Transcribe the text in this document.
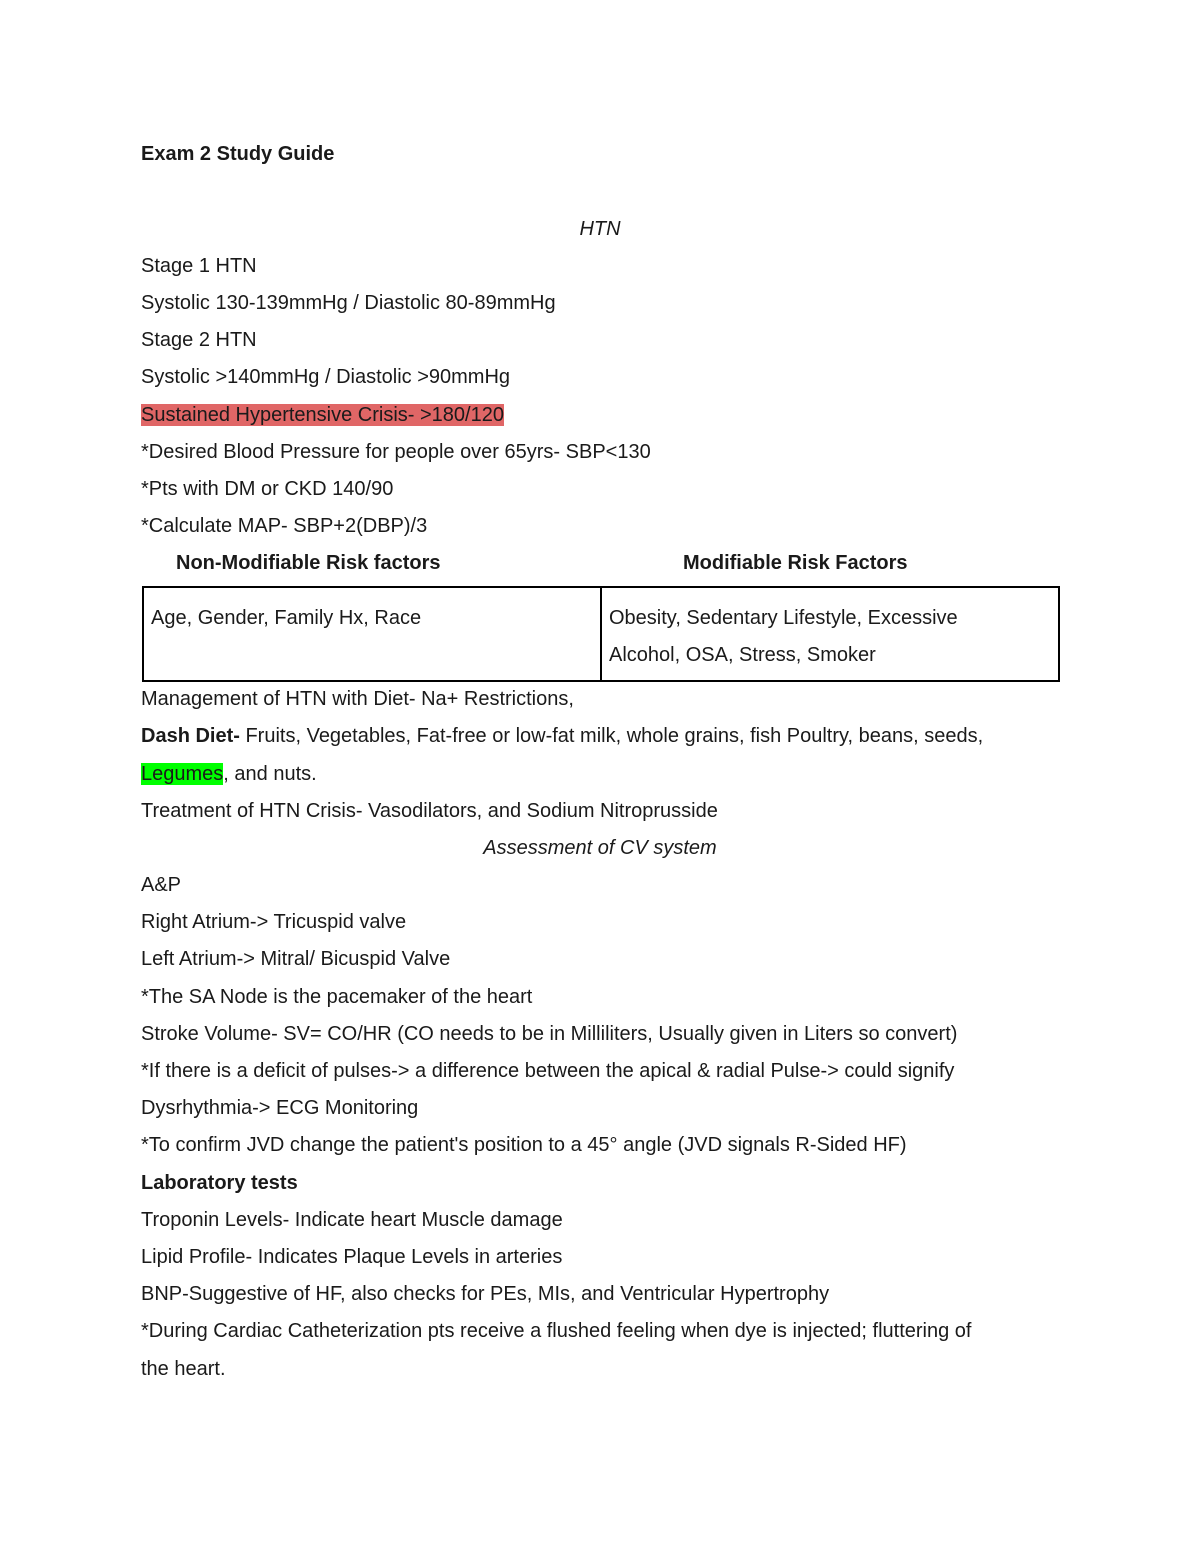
Exam 2 Study Guide
HTN
Stage 1 HTN
Systolic 130-139mmHg / Diastolic 80-89mmHg
Stage 2 HTN
Systolic >140mmHg / Diastolic >90mmHg
Sustained Hypertensive Crisis- >180/120
*Desired Blood Pressure for people over 65yrs- SBP<130
*Pts with DM or CKD 140/90
*Calculate MAP- SBP+2(DBP)/3
Non-Modifiable Risk factors	Modifiable Risk Factors
Age, Gender, Family Hx, Race	Obesity, Sedentary Lifestyle, Excessive
Alcohol, OSA, Stress, Smoker
Management of HTN with Diet- Na+ Restrictions,
Dash Diet- Fruits, Vegetables, Fat-free or low-fat milk, whole grains, fish Poultry, beans, seeds,
Legumes, and nuts.
Treatment of HTN Crisis- Vasodilators, and Sodium Nitroprusside
Assessment of CV system
A&P
Right Atrium-> Tricuspid valve
Left Atrium-> Mitral/ Bicuspid Valve
*The SA Node is the pacemaker of the heart
Stroke Volume- SV= CO/HR (CO needs to be in Milliliters, Usually given in Liters so convert)
*If there is a deficit of pulses-> a difference between the apical & radial Pulse-> could signify
Dysrhythmia-> ECG Monitoring
*To confirm JVD change the patient's position to a 45° angle (JVD signals R-Sided HF)
Laboratory tests
Troponin Levels- Indicate heart Muscle damage
Lipid Profile- Indicates Plaque Levels in arteries
BNP-Suggestive of HF, also checks for PEs, MIs, and Ventricular Hypertrophy
*During Cardiac Catheterization pts receive a flushed feeling when dye is injected; fluttering of
the heart.
